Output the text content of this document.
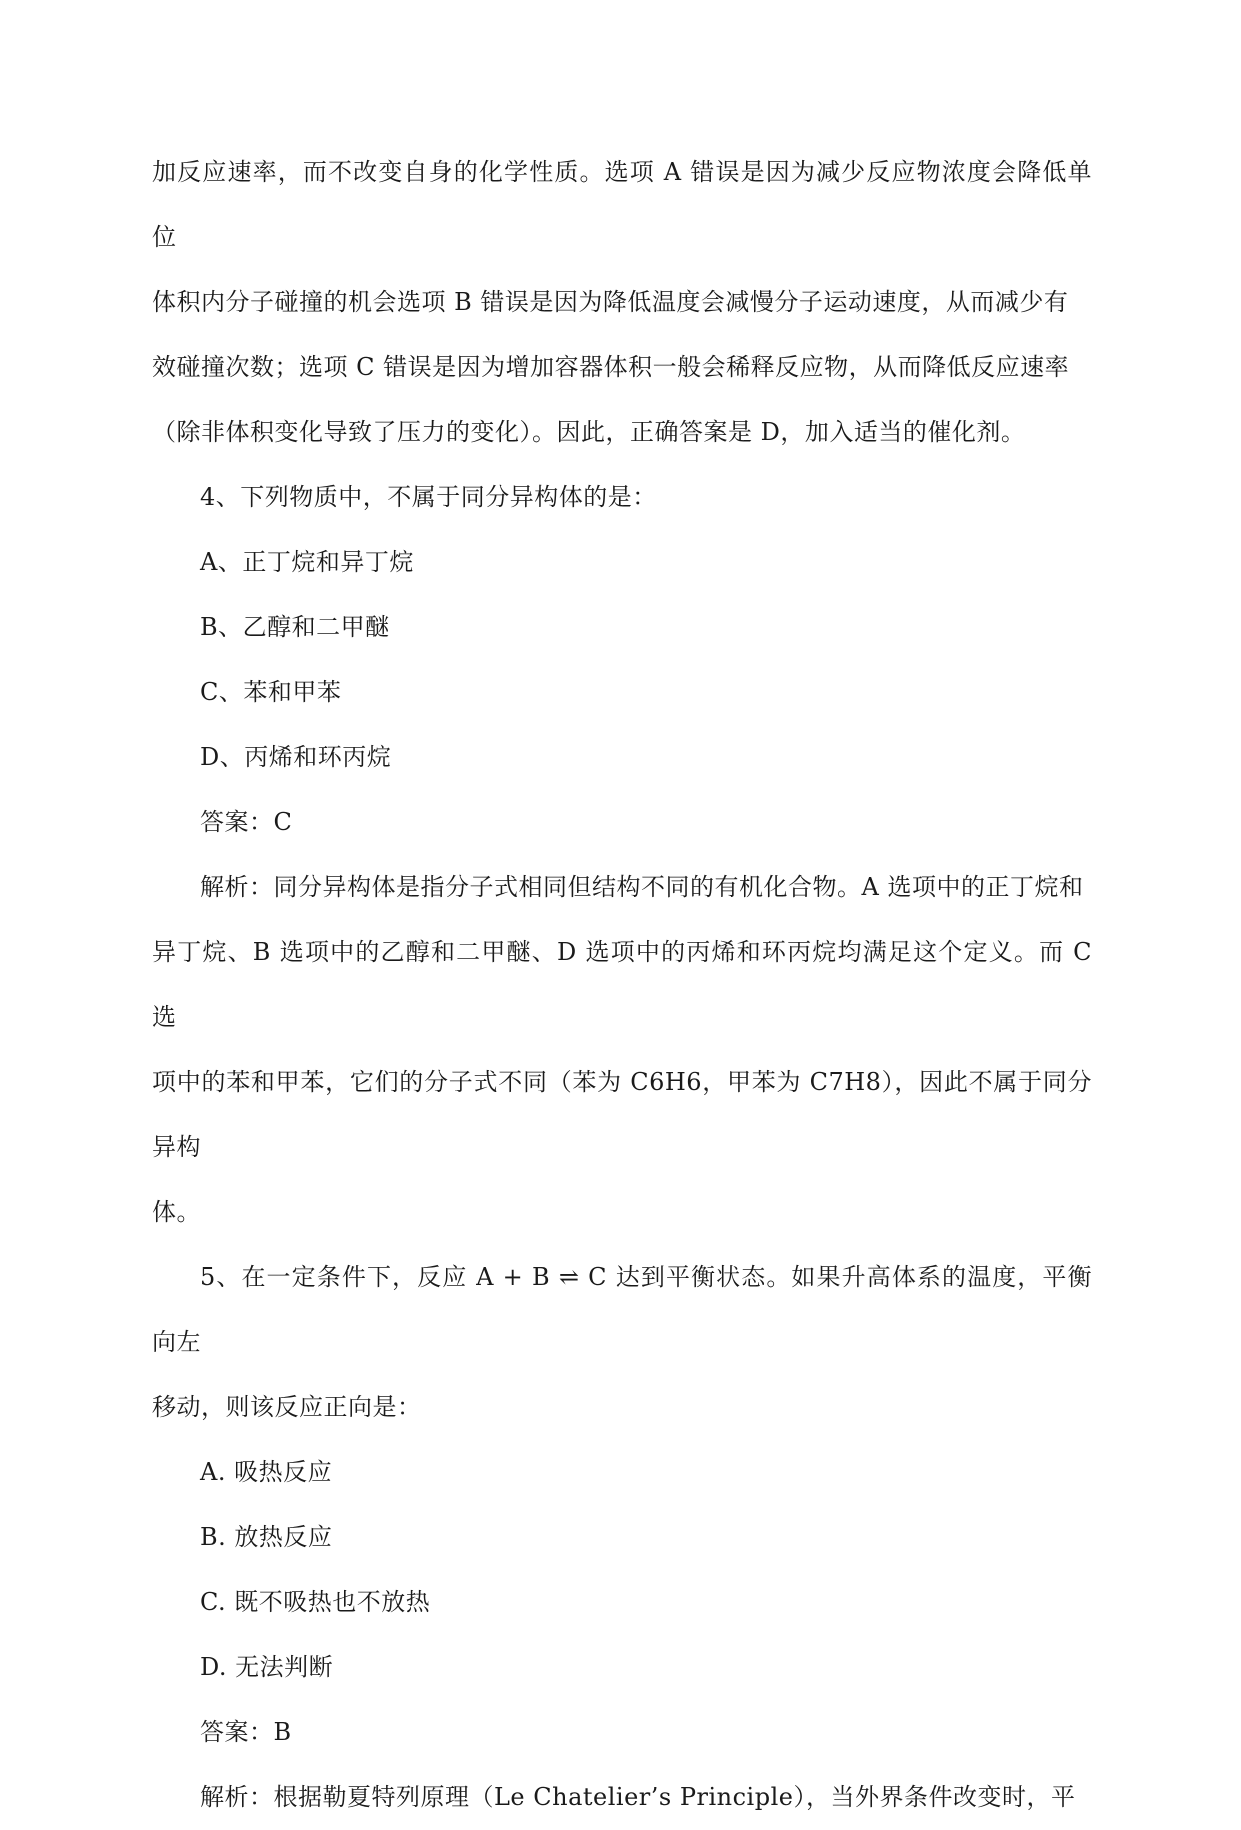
加反应速率，而不改变自身的化学性质。选项 A 错误是因为减少反应物浓度会降低单位

体积内分子碰撞的机会选项 B 错误是因为降低温度会减慢分子运动速度，从而减少有

效碰撞次数；选项 C 错误是因为增加容器体积一般会稀释反应物，从而降低反应速率

（除非体积变化导致了压力的变化）。因此，正确答案是 D，加入适当的催化剂。

4、下列物质中，不属于同分异构体的是：

A、正丁烷和异丁烷

B、乙醇和二甲醚

C、苯和甲苯

D、丙烯和环丙烷

答案：C

解析：同分异构体是指分子式相同但结构不同的有机化合物。A 选项中的正丁烷和

异丁烷、B 选项中的乙醇和二甲醚、D 选项中的丙烯和环丙烷均满足这个定义。而 C 选

项中的苯和甲苯，它们的分子式不同（苯为 C6H6，甲苯为 C7H8），因此不属于同分异构

体。

5、在一定条件下，反应 A + B ⇌ C 达到平衡状态。如果升高体系的温度，平衡向左

移动，则该反应正向是：

A. 吸热反应

B. 放热反应

C. 既不吸热也不放热

D. 无法判断

答案：B

解析：根据勒夏特列原理（Le Chatelier’s Principle），当外界条件改变时，平
